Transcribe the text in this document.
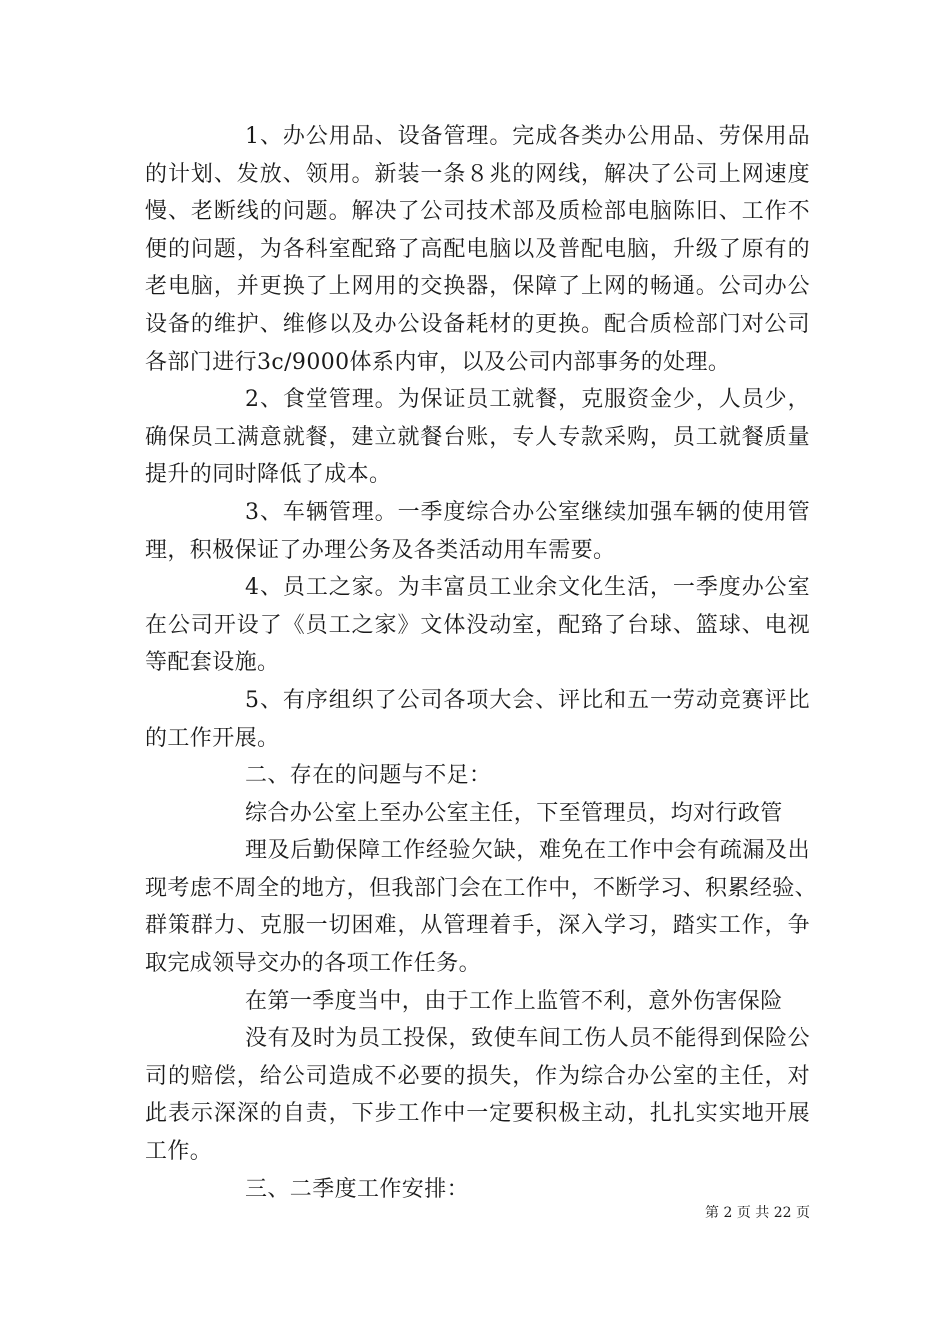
1、办公用品、设备管理。完成各类办公用品、劳保用品
的计划、发放、领用。新装一条８兆的网线，解决了公司上网速度
慢、老断线的问题。解决了公司技术部及质检部电脑陈旧、工作不
便的问题，为各科室配臵了高配电脑以及普配电脑，升级了原有的
老电脑，并更换了上网用的交换器，保障了上网的畅通。公司办公
设备的维护、维修以及办公设备耗材的更换。配合质检部门对公司
各部门进行3c/9000体系内审，以及公司内部事务的处理。
2、食堂管理。为保证员工就餐，克服资金少，人员少，
确保员工满意就餐，建立就餐台账，专人专款采购，员工就餐质量
提升的同时降低了成本。
3、车辆管理。一季度综合办公室继续加强车辆的使用管
理，积极保证了办理公务及各类活动用车需要。
4、员工之家。为丰富员工业余文化生活，一季度办公室
在公司开设了《员工之家》文体没动室，配臵了台球、篮球、电视
等配套设施。
5、有序组织了公司各项大会、评比和五一劳动竞赛评比
的工作开展。
二、存在的问题与不足：
综合办公室上至办公室主任，下至管理员，均对行政管
理及后勤保障工作经验欠缺，难免在工作中会有疏漏及出
现考虑不周全的地方，但我部门会在工作中，不断学习、积累经验、
群策群力、克服一切困难，从管理着手，深入学习，踏实工作，争
取完成领导交办的各项工作任务。
在第一季度当中，由于工作上监管不利，意外伤害保险
没有及时为员工投保，致使车间工伤人员不能得到保险公
司的赔偿，给公司造成不必要的损失，作为综合办公室的主任，对
此表示深深的自责，下步工作中一定要积极主动，扎扎实实地开展
工作。
三、二季度工作安排：
第 2 页 共 22 页
